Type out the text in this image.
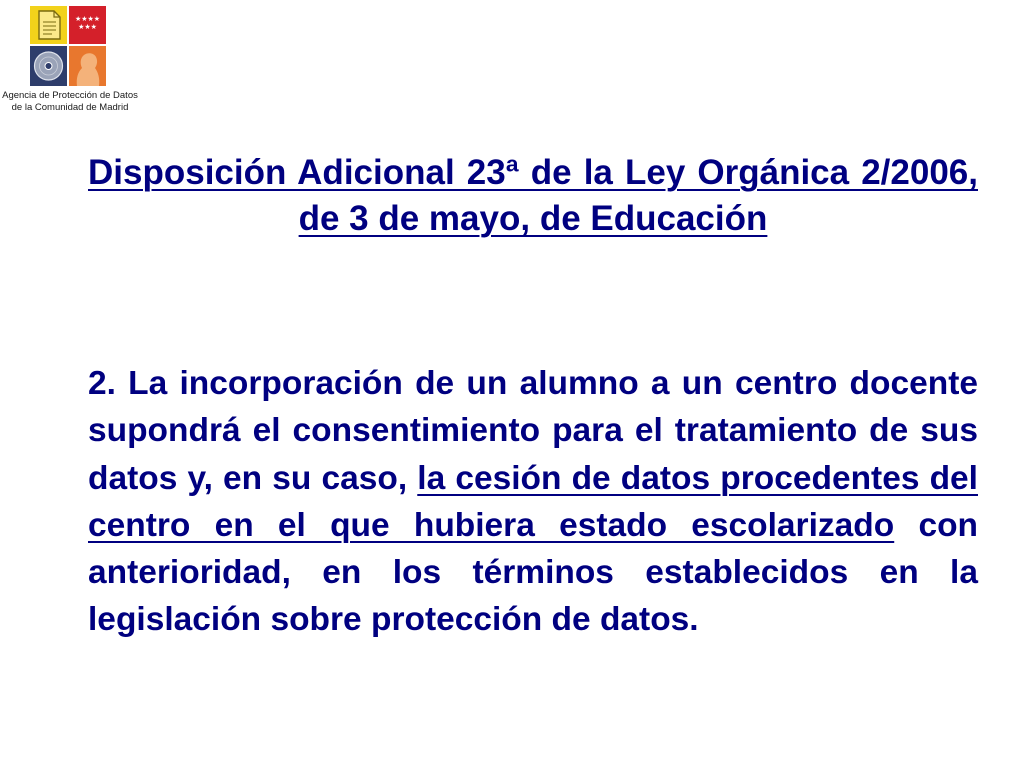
★★★★
★★★
Agencia de Protección de Datos
de la Comunidad de Madrid
Disposición Adicional 23ª de la Ley Orgánica 2/2006, de 3 de mayo, de Educación

2. La incorporación de un alumno a un centro docente supondrá el consentimiento para el tratamiento de sus datos y, en su caso, la cesión de datos procedentes del centro en el que hubiera estado escolarizado con anterioridad, en los términos establecidos en la legislación sobre protección de datos.
